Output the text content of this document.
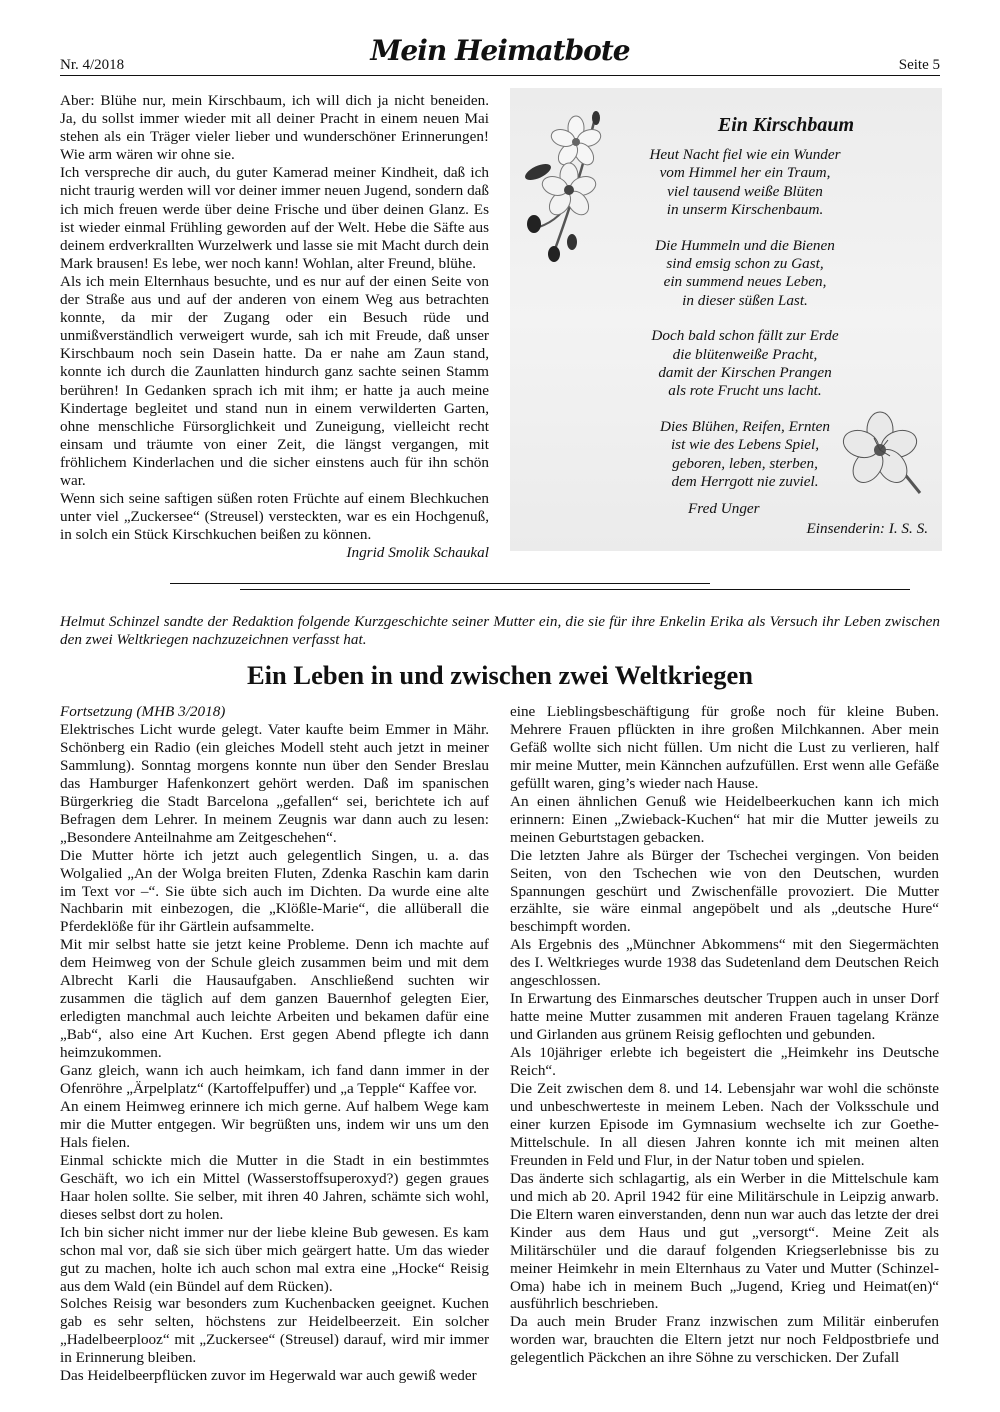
Nr. 4/2018	Mein Heimatbote	Seite 5

Aber: Blühe nur, mein Kirschbaum, ich will dich ja nicht beneiden. Ja, du sollst immer wieder mit all deiner Pracht in einem neuen Mai stehen als ein Träger vieler lieber und wunderschöner Erinnerungen! Wie arm wären wir ohne sie.

Ich verspreche dir auch, du guter Kamerad meiner Kindheit, daß ich nicht traurig werden will vor deiner immer neuen Jugend, sondern daß ich mich freuen werde über deine Frische und über deinen Glanz. Es ist wieder einmal Frühling geworden auf der Welt. Hebe die Säfte aus deinem erdverkrallten Wurzelwerk und lasse sie mit Macht durch dein Mark brausen! Es lebe, wer noch kann! Wohlan, alter Freund, blühe.

Als ich mein Elternhaus besuchte, und es nur auf der einen Seite von der Straße aus und auf der anderen von einem Weg aus betrachten konnte, da mir der Zugang oder ein Besuch rüde und unmißverständlich verweigert wurde, sah ich mit Freude, daß unser Kirschbaum noch sein Dasein hatte. Da er nahe am Zaun stand, konnte ich durch die Zaunlatten hindurch ganz sachte seinen Stamm berühren! In Gedanken sprach ich mit ihm; er hatte ja auch meine Kindertage begleitet und stand nun in einem verwilderten Garten, ohne menschliche Fürsorglichkeit und Zuneigung, vielleicht recht einsam und träumte von einer Zeit, die längst vergangen, mit fröhlichem Kinderlachen und die sicher einstens auch für ihn schön war.

Wenn sich seine saftigen süßen roten Früchte auf einem Blechkuchen unter viel „Zuckersee“ (Streusel) versteckten, war es ein Hochgenuß, in solch ein Stück Kirschkuchen beißen zu können.

Ingrid Smolik Schaukal

Ein Kirschbaum
Heut Nacht fiel wie ein Wunder
vom Himmel her ein Traum,
viel tausend weiße Blüten
in unserm Kirschenbaum.
Die Hummeln und die Bienen
sind emsig schon zu Gast,
ein summend neues Leben,
in dieser süßen Last.
Doch bald schon fällt zur Erde
die blütenweiße Pracht,
damit der Kirschen Prangen
als rote Frucht uns lacht.
Dies Blühen, Reifen, Ernten
ist wie des Lebens Spiel,
geboren, leben, sterben,
dem Herrgott nie zuviel.
Fred Unger
Einsenderin: I. S. S.
Helmut Schinzel sandte der Redaktion folgende Kurzgeschichte seiner Mutter ein, die sie für ihre Enkelin Erika als Versuch ihr Leben zwischen den zwei Weltkriegen nachzuzeichnen verfasst hat.
Ein Leben in und zwischen zwei Weltkriegen

Fortsetzung (MHB 3/2018)

Elektrisches Licht wurde gelegt. Vater kaufte beim Emmer in Mähr. Schönberg ein Radio (ein gleiches Modell steht auch jetzt in meiner Sammlung). Sonntag morgens konnte nun über den Sender Breslau das Hamburger Hafenkonzert gehört werden. Daß im spanischen Bürgerkrieg die Stadt Barcelona „gefallen“ sei, berichtete ich auf Befragen dem Lehrer. In meinem Zeugnis war dann auch zu lesen: „Besondere Anteilnahme am Zeitgeschehen“.

Die Mutter hörte ich jetzt auch gelegentlich Singen, u. a. das Wolgalied „An der Wolga breiten Fluten, Zdenka Raschin kam darin im Text vor –“. Sie übte sich auch im Dichten. Da wurde eine alte Nachbarin mit einbezogen, die „Klößle-Marie“, die allüberall die Pferdeklöße für ihr Gärtlein aufsammelte.

Mit mir selbst hatte sie jetzt keine Probleme. Denn ich machte auf dem Heimweg von der Schule gleich zusammen beim und mit dem Albrecht Karli die Hausaufgaben. Anschließend suchten wir zusammen die täglich auf dem ganzen Bauernhof gelegten Eier, erledigten manchmal auch leichte Arbeiten und bekamen dafür eine „Bab“, also eine Art Kuchen. Erst gegen Abend pflegte ich dann heimzukommen.

Ganz gleich, wann ich auch heimkam, ich fand dann immer in der Ofenröhre „Ärpelplatz“ (Kartoffelpuffer) und „a Tepple“ Kaffee vor.

An einem Heimweg erinnere ich mich gerne. Auf halbem Wege kam mir die Mutter entgegen. Wir begrüßten uns, indem wir uns um den Hals fielen.

Einmal schickte mich die Mutter in die Stadt in ein bestimmtes Geschäft, wo ich ein Mittel (Wasserstoffsuperoxyd?) gegen graues Haar holen sollte. Sie selber, mit ihren 40 Jahren, schämte sich wohl, dieses selbst dort zu holen.

Ich bin sicher nicht immer nur der liebe kleine Bub gewesen. Es kam schon mal vor, daß sie sich über mich geärgert hatte. Um das wieder gut zu machen, holte ich auch schon mal extra eine „Hocke“ Reisig aus dem Wald (ein Bündel auf dem Rücken).

Solches Reisig war besonders zum Kuchenbacken geeignet. Kuchen gab es sehr selten, höchstens zur Heidelbeerzeit. Ein solcher „Hadelbeerplooz“ mit „Zuckersee“ (Streusel) darauf, wird mir immer in Erinnerung bleiben.

Das Heidelbeerpflücken zuvor im Hegerwald war auch gewiß weder

eine Lieblingsbeschäftigung für große noch für kleine Buben. Mehrere Frauen pflückten in ihre großen Milchkannen. Aber mein Gefäß wollte sich nicht füllen. Um nicht die Lust zu verlieren, half mir meine Mutter, mein Kännchen aufzufüllen. Erst wenn alle Gefäße gefüllt waren, ging’s wieder nach Hause.

An einen ähnlichen Genuß wie Heidelbeerkuchen kann ich mich erinnern: Einen „Zwieback-Kuchen“ hat mir die Mutter jeweils zu meinen Geburtstagen gebacken.

Die letzten Jahre als Bürger der Tschechei vergingen. Von beiden Seiten, von den Tschechen wie von den Deutschen, wurden Spannungen geschürt und Zwischenfälle provoziert. Die Mutter erzählte, sie wäre einmal angepöbelt und als „deutsche Hure“ beschimpft worden.

Als Ergebnis des „Münchner Abkommens“ mit den Siegermächten des I. Weltkrieges wurde 1938 das Sudetenland dem Deutschen Reich angeschlossen.

In Erwartung des Einmarsches deutscher Truppen auch in unser Dorf hatte meine Mutter zusammen mit anderen Frauen tagelang Kränze und Girlanden aus grünem Reisig geflochten und gebunden.

Als 10jähriger erlebte ich begeistert die „Heimkehr ins Deutsche Reich“.

Die Zeit zwischen dem 8. und 14. Lebensjahr war wohl die schönste und unbeschwerteste in meinem Leben. Nach der Volksschule und einer kurzen Episode im Gymnasium wechselte ich zur Goethe-Mittelschule. In all diesen Jahren konnte ich mit meinen alten Freunden in Feld und Flur, in der Natur toben und spielen.

Das änderte sich schlagartig, als ein Werber in die Mittelschule kam und mich ab 20. April 1942 für eine Militärschule in Leipzig anwarb. Die Eltern waren einverstanden, denn nun war auch das letzte der drei Kinder aus dem Haus und gut „versorgt“. Meine Zeit als Militärschüler und die darauf folgenden Kriegserlebnisse bis zu meiner Heimkehr in mein Elternhaus zu Vater und Mutter (Schinzel-Oma) habe ich in meinem Buch „Jugend, Krieg und Heimat(en)“ ausführlich beschrieben.

Da auch mein Bruder Franz inzwischen zum Militär einberufen worden war, brauchten die Eltern jetzt nur noch Feldpostbriefe und gelegentlich Päckchen an ihre Söhne zu verschicken. Der Zufall
